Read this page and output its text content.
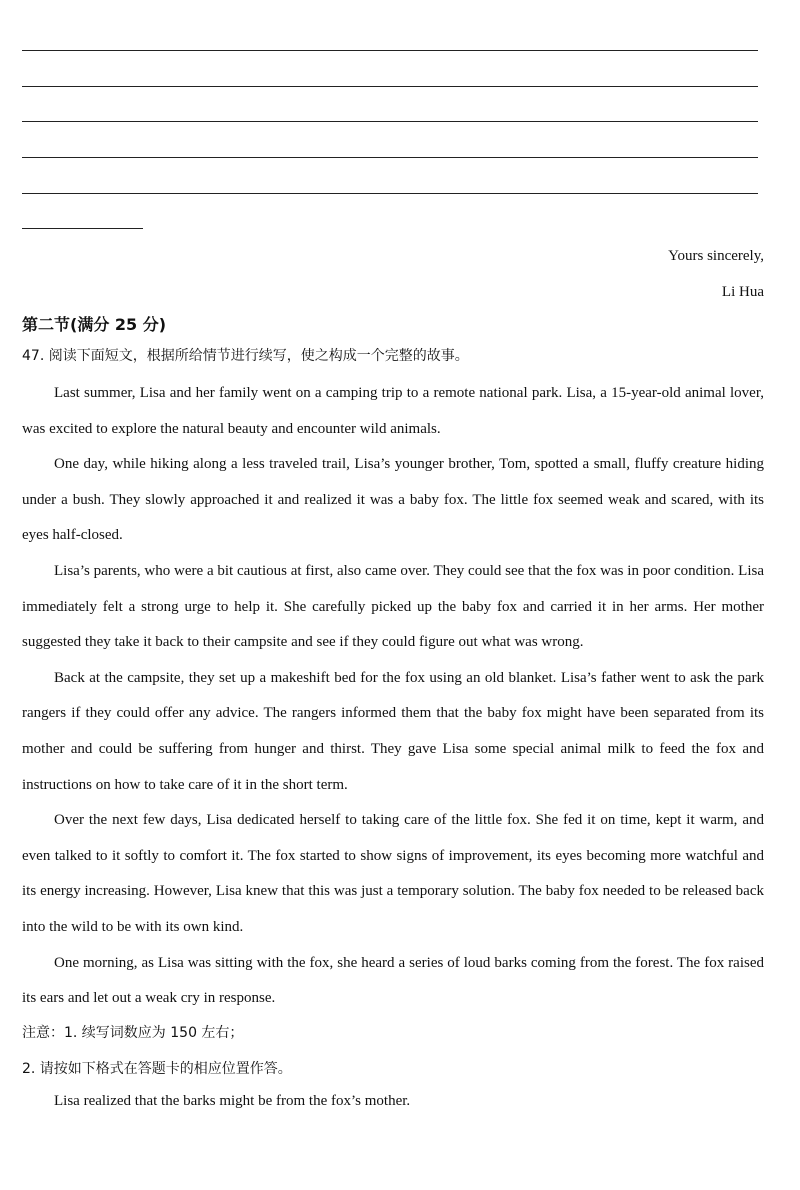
Yours sincerely,
Li Hua
第二节(满分 25 分)
47. 阅读下面短文，根据所给情节进行续写，使之构成一个完整的故事。

Last summer, Lisa and her family went on a camping trip to a remote national park. Lisa, a 15-year-old animal lover, was excited to explore the natural beauty and encounter wild animals.

One day, while hiking along a less traveled trail, Lisa’s younger brother, Tom, spotted a small, fluffy creature hiding under a bush. They slowly approached it and realized it was a baby fox. The little fox seemed weak and scared, with its eyes half-closed.

Lisa’s parents, who were a bit cautious at first, also came over. They could see that the fox was in poor condition. Lisa immediately felt a strong urge to help it. She carefully picked up the baby fox and carried it in her arms. Her mother suggested they take it back to their campsite and see if they could figure out what was wrong.

Back at the campsite, they set up a makeshift bed for the fox using an old blanket. Lisa’s father went to ask the park rangers if they could offer any advice. The rangers informed them that the baby fox might have been separated from its mother and could be suffering from hunger and thirst. They gave Lisa some special animal milk to feed the fox and instructions on how to take care of it in the short term.

Over the next few days, Lisa dedicated herself to taking care of the little fox. She fed it on time, kept it warm, and even talked to it softly to comfort it. The fox started to show signs of improvement, its eyes becoming more watchful and its energy increasing. However, Lisa knew that this was just a temporary solution. The baby fox needed to be released back into the wild to be with its own kind.

One morning, as Lisa was sitting with the fox, she heard a series of loud barks coming from the forest. The fox raised its ears and let out a weak cry in response.

注意：1. 续写词数应为 150 左右；
2. 请按如下格式在答题卡的相应位置作答。
Lisa realized that the barks might be from the fox’s mother.
